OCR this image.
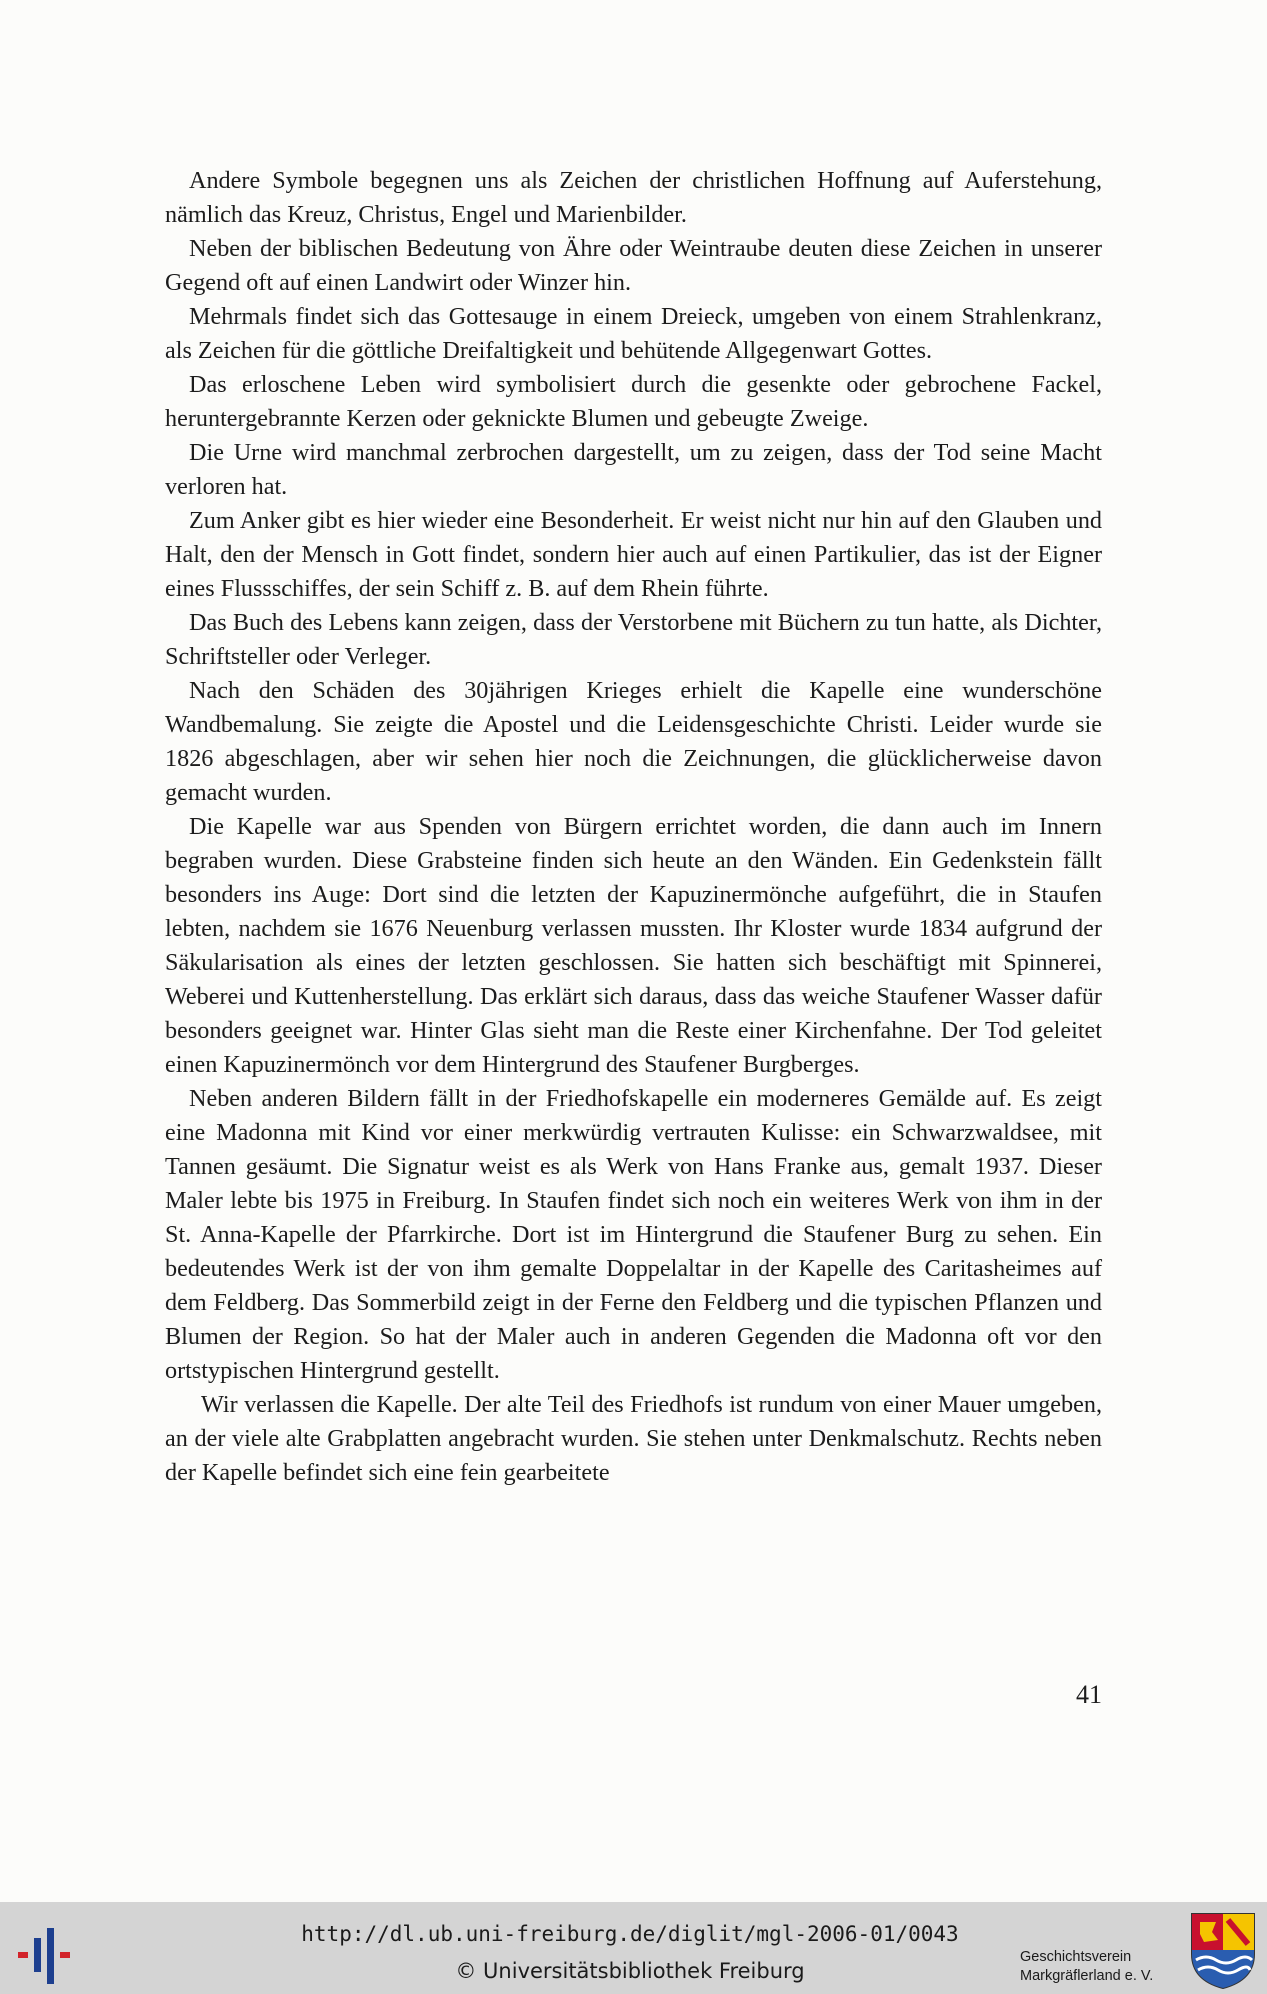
Andere Symbole begegnen uns als Zeichen der christlichen Hoffnung auf Auferstehung, nämlich das Kreuz, Christus, Engel und Marienbilder.

Neben der biblischen Bedeutung von Ähre oder Weintraube deuten diese Zeichen in unserer Gegend oft auf einen Landwirt oder Winzer hin.

Mehrmals findet sich das Gottesauge in einem Dreieck, umgeben von einem Strahlenkranz, als Zeichen für die göttliche Dreifaltigkeit und behütende Allgegenwart Gottes.

Das erloschene Leben wird symbolisiert durch die gesenkte oder gebrochene Fackel, heruntergebrannte Kerzen oder geknickte Blumen und gebeugte Zweige.

Die Urne wird manchmal zerbrochen dargestellt, um zu zeigen, dass der Tod seine Macht verloren hat.

Zum Anker gibt es hier wieder eine Besonderheit. Er weist nicht nur hin auf den Glauben und Halt, den der Mensch in Gott findet, sondern hier auch auf einen Partikulier, das ist der Eigner eines Flussschiffes, der sein Schiff z. B. auf dem Rhein führte.

Das Buch des Lebens kann zeigen, dass der Verstorbene mit Büchern zu tun hatte, als Dichter, Schriftsteller oder Verleger.

Nach den Schäden des 30jährigen Krieges erhielt die Kapelle eine wunderschöne Wandbemalung. Sie zeigte die Apostel und die Leidensgeschichte Christi. Leider wurde sie 1826 abgeschlagen, aber wir sehen hier noch die Zeichnungen, die glücklicherweise davon gemacht wurden.

Die Kapelle war aus Spenden von Bürgern errichtet worden, die dann auch im Innern begraben wurden. Diese Grabsteine finden sich heute an den Wänden. Ein Gedenkstein fällt besonders ins Auge: Dort sind die letzten der Kapuzinermönche aufgeführt, die in Staufen lebten, nachdem sie 1676 Neuenburg verlassen mussten. Ihr Kloster wurde 1834 aufgrund der Säkularisation als eines der letzten geschlossen. Sie hatten sich beschäftigt mit Spinnerei, Weberei und Kuttenherstellung. Das erklärt sich daraus, dass das weiche Staufener Wasser dafür besonders geeignet war. Hinter Glas sieht man die Reste einer Kirchenfahne. Der Tod geleitet einen Kapuzinermönch vor dem Hintergrund des Staufener Burgberges.

Neben anderen Bildern fällt in der Friedhofskapelle ein moderneres Gemälde auf. Es zeigt eine Madonna mit Kind vor einer merkwürdig vertrauten Kulisse: ein Schwarzwaldsee, mit Tannen gesäumt. Die Signatur weist es als Werk von Hans Franke aus, gemalt 1937. Dieser Maler lebte bis 1975 in Freiburg. In Staufen findet sich noch ein weiteres Werk von ihm in der St. Anna-Kapelle der Pfarrkirche. Dort ist im Hintergrund die Staufener Burg zu sehen. Ein bedeutendes Werk ist der von ihm gemalte Doppelaltar in der Kapelle des Caritasheimes auf dem Feldberg. Das Sommerbild zeigt in der Ferne den Feldberg und die typischen Pflanzen und Blumen der Region. So hat der Maler auch in anderen Gegenden die Madonna oft vor den ortstypischen Hintergrund gestellt.

Wir verlassen die Kapelle. Der alte Teil des Friedhofs ist rundum von einer Mauer umgeben, an der viele alte Grabplatten angebracht wurden. Sie stehen unter Denkmalschutz. Rechts neben der Kapelle befindet sich eine fein gearbeitete

41
http://dl.ub.uni-freiburg.de/diglit/mgl-2006-01/0043
© Universitätsbibliothek Freiburg
Geschichtsverein
Markgräflerland e. V.
